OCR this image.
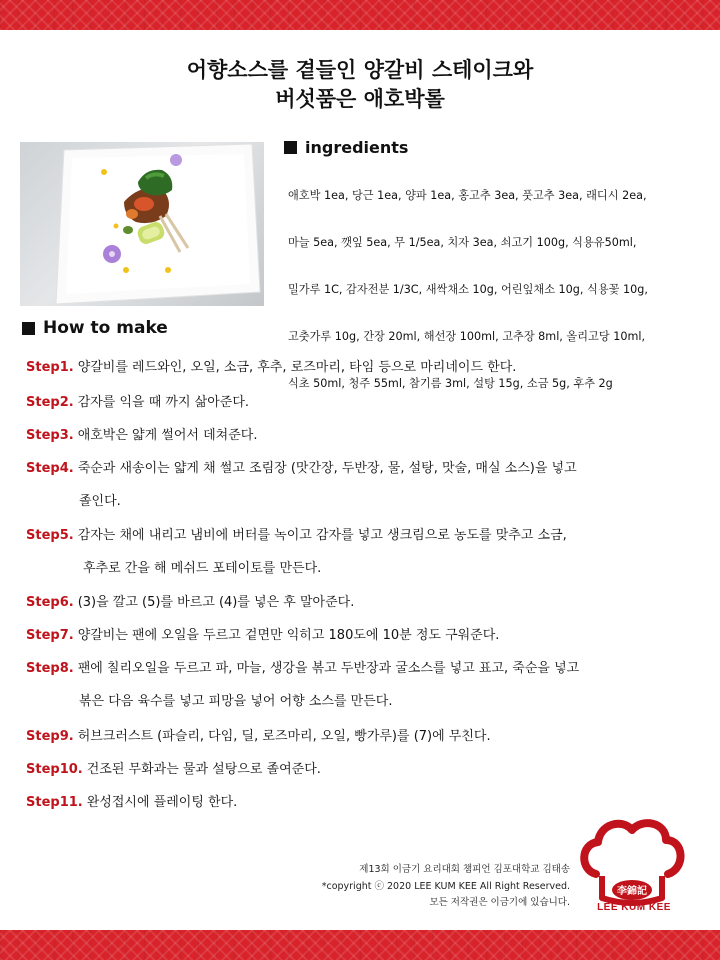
어향소스를 곁들인 양갈비 스테이크와
버섯품은 애호박롤
ingredients

애호박 1ea, 당근 1ea, 양파 1ea, 홍고추 3ea, 풋고추 3ea, 래디시 2ea,

마늘 5ea, 깻잎 5ea, 무 1/5ea, 치자 3ea, 쇠고기 100g, 식용유50ml,

밀가루 1C, 감자전분 1/3C, 새싹채소 10g, 어린잎채소 10g, 식용꽃 10g,

고춧가루 10g, 간장 20ml, 해선장 100ml, 고추장 8ml, 올리고당 10ml,

식초 50ml, 청주 55ml, 참기름 3ml, 설탕 15g, 소금 5g, 후추 2g

How to make
Step1. 양갈비를 레드와인, 오일, 소금, 후추, 로즈마리, 타임 등으로 마리네이드 한다.
Step2. 감자를 익을 때 까지 삶아준다.
Step3. 애호박은 얇게 썰어서 데쳐준다.
Step4. 죽순과 새송이는 얇게 채 썰고 조림장 (맛간장, 두반장, 물, 설탕, 맛술, 매실 소스)을 넣고
졸인다.
Step5. 감자는 채에 내리고 냄비에 버터를 녹이고 감자를 넣고 생크림으로 농도를 맞추고 소금,
후추로 간을 해 메쉬드 포테이토를 만든다.
Step6. (3)을 깔고 (5)를 바르고 (4)를 넣은 후 말아준다.
Step7. 양갈비는 팬에 오일을 두르고 겉면만 익히고 180도에 10분 정도 구워준다.
Step8. 팬에 칠리오일을 두르고 파, 마늘, 생강을 볶고 두반장과 굴소스를 넣고 표고, 죽순을 넣고
볶은 다음 육수를 넣고 피망을 넣어 어향 소스를 만든다.
Step9. 허브크러스트 (파슬리, 다임, 딜, 로즈마리, 오일, 빵가루)를 (7)에 무친다.
Step10. 건조된 무화과는 물과 설탕으로 졸여준다.
Step11. 완성접시에 플레이팅 한다.
제13회 이금기 요리대회 챔피언 김포대학교 김태송
*copyright ⓒ 2020 LEE KUM KEE All Right Reserved.
모든 저작권은 이금기에 있습니다.
李錦記
LEE KUM KEE
